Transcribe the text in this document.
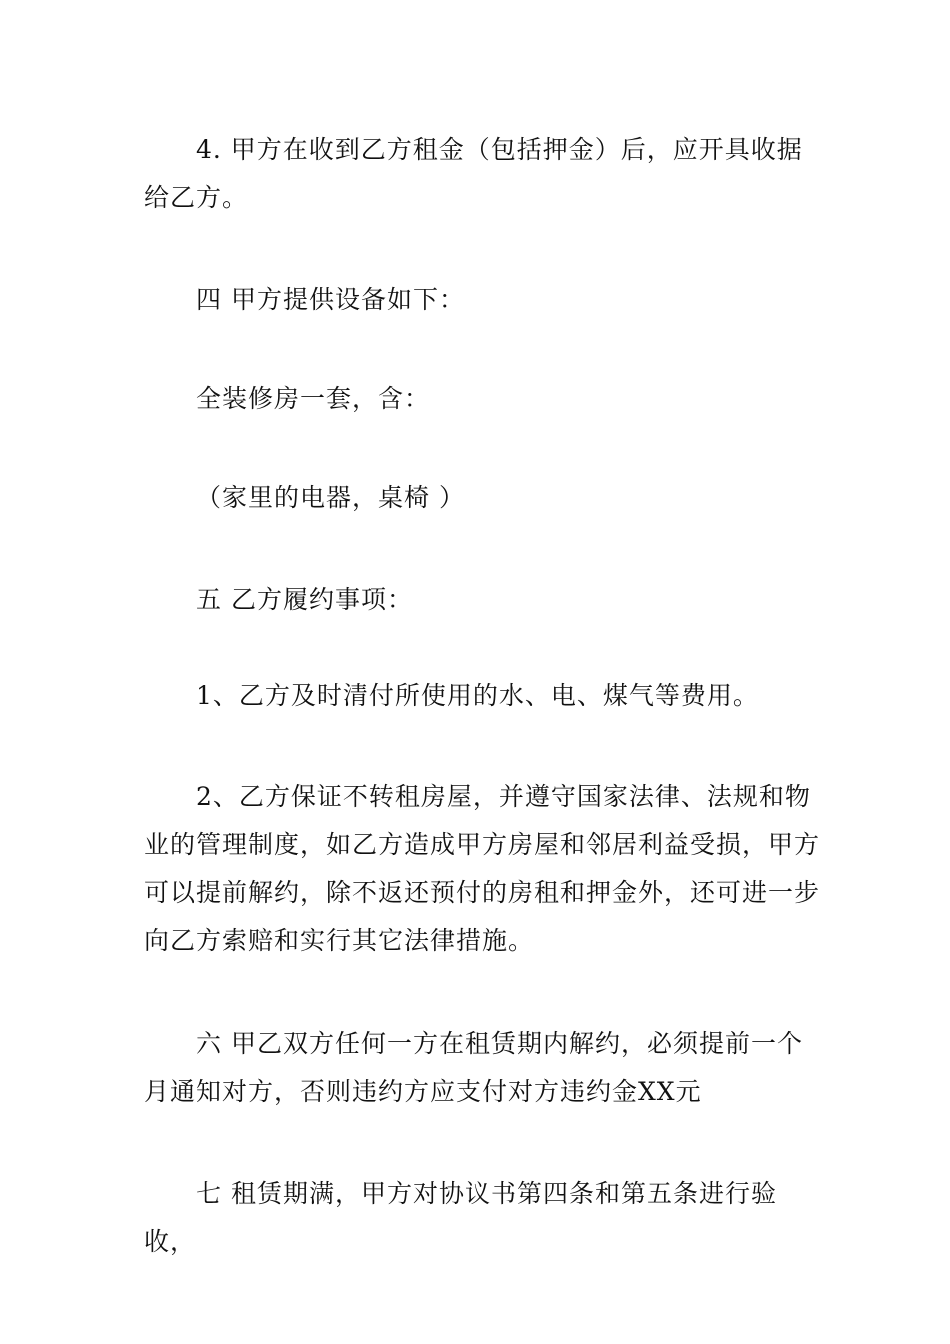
4. 甲方在收到乙方租金（包括押金）后，应开具收据给乙方。

四 甲方提供设备如下：

全装修房一套，含：

（家里的电器，桌椅 ）

五 乙方履约事项：

1、乙方及时清付所使用的水、电、煤气等费用。

2、乙方保证不转租房屋，并遵守国家法律、法规和物业的管理制度，如乙方造成甲方房屋和邻居利益受损，甲方可以提前解约，除不返还预付的房租和押金外，还可进一步向乙方索赔和实行其它法律措施。

六 甲乙双方任何一方在租赁期内解约，必须提前一个月通知对方，否则违约方应支付对方违约金XX元

七 租赁期满，甲方对协议书第四条和第五条进行验收，
